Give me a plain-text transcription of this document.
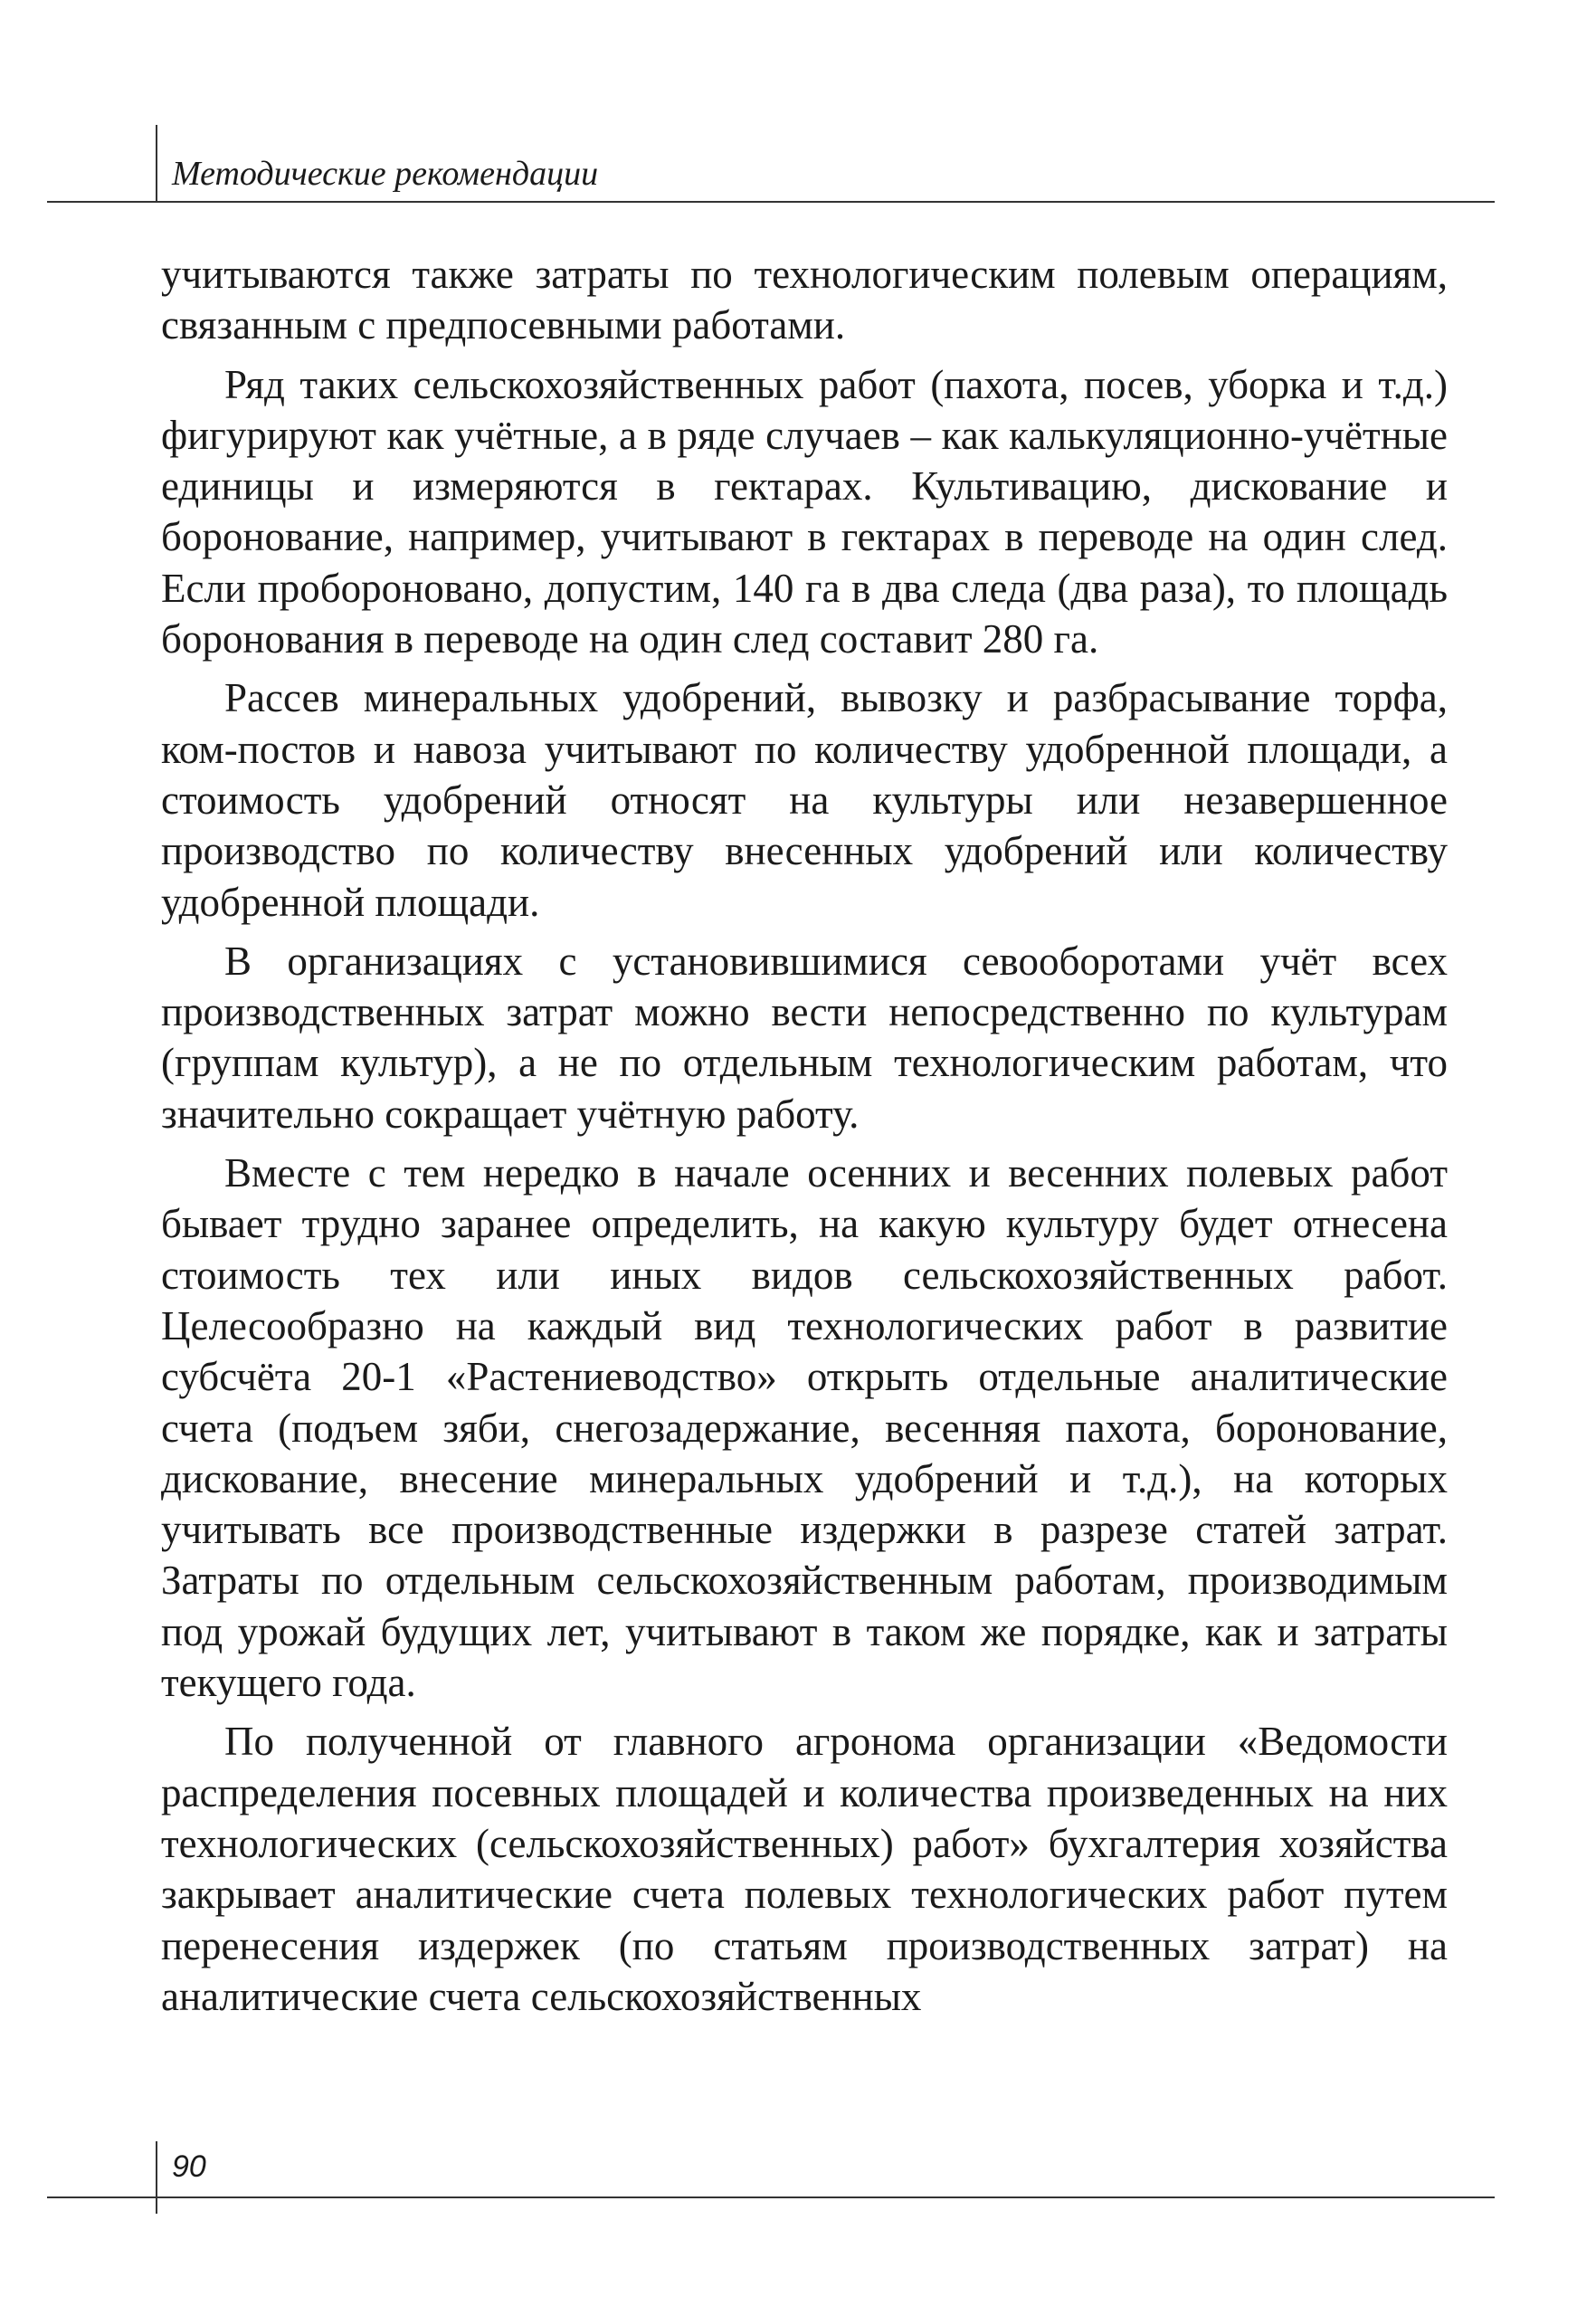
Методические рекомендации

учитываются также затраты по технологическим полевым операциям, связанным с предпосевными работами.

Ряд таких сельскохозяйственных работ (пахота, посев, уборка и т.д.) фигурируют как учётные, а в ряде случаев – как калькуляционно-учётные единицы и измеряются в гектарах. Культивацию, дискование и боронование, например, учитывают в гектарах в переводе на один след. Если пробороновано, допустим, 140 га в два следа (два раза), то площадь боронования в переводе на один след составит 280 га.

Рассев минеральных удобрений, вывозку и разбрасывание торфа, ком-постов и навоза учитывают по количеству удобренной площади, а стоимость удобрений относят на культуры или незавершенное производство по количеству внесенных удобрений или количеству удобренной площади.

В организациях с установившимися севооборотами учёт всех производственных затрат можно вести непосредственно по культурам (группам культур), а не по отдельным технологическим работам, что значительно сокращает учётную работу.

Вместе с тем нередко в начале осенних и весенних полевых работ бывает трудно заранее определить, на какую культуру будет отнесена стоимость тех или иных видов сельскохозяйственных работ. Целесообразно на каждый вид технологических работ в развитие субсчёта 20-1 «Растениеводство» открыть отдельные аналитические счета (подъем зяби, снегозадержание, весенняя пахота, боронование, дискование, внесение минеральных удобрений и т.д.), на которых учитывать все производственные издержки в разрезе статей затрат. Затраты по отдельным сельскохозяйственным работам, производимым под урожай будущих лет, учитывают в таком же порядке, как и затраты текущего года.

По полученной от главного агронома организации «Ведомости распределения посевных площадей и количества произведенных на них технологических (сельскохозяйственных) работ» бухгалтерия хозяйства закрывает аналитические счета полевых технологических работ путем перенесения издержек (по статьям производственных затрат) на аналитические счета сельскохозяйственных

90
